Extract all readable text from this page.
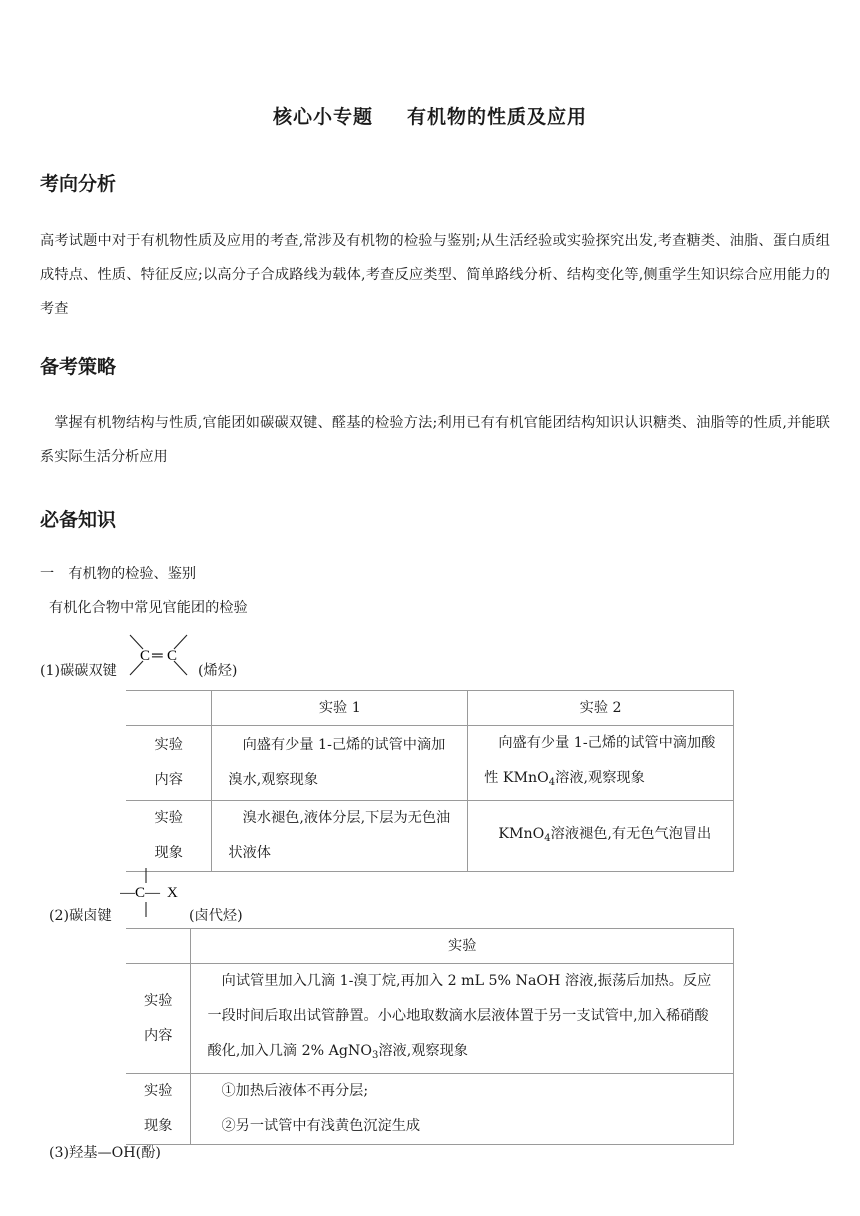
核心小专题 有机物的性质及应用
考向分析
高考试题中对于有机物性质及应用的考查,常涉及有机物的检验与鉴别;从生活经验或实验探究出发,考查糖类、油脂、蛋白质组成特点、性质、特征反应;以高分子合成路线为载体,考查反应类型、简单路线分析、结构变化等,侧重学生知识综合应用能力的考查
备考策略
掌握有机物结构与性质,官能团如碳碳双键、醛基的检验方法;利用已有有机官能团结构知识认识糖类、油脂等的性质,并能联系实际生活分析应用
必备知识
一　有机物的检验、鉴别
有机化合物中常见官能团的检验
(1)碳碳双键
C ═ C
(烯烃)
	实验 1	实验 2
实验
内容	向盛有少量 1-己烯的试管中滴加溴水,观察现象	向盛有少量 1-己烯的试管中滴加酸性 KMnO$_4$溶液,观察现象
实验
现象	溴水褪色,液体分层,下层为无色油状液体	KMnO$_4$溶液褪色,有无色气泡冒出
(2)碳卤键
—C— X
(卤代烃)
	实验
实验
内容	向试管里加入几滴 1-溴丁烷,再加入 2 mL 5% NaOH 溶液,振荡后加热。反应一段时间后取出试管静置。小心地取数滴水层液体置于另一支试管中,加入稀硝酸酸化,加入几滴 2% AgNO$_3$溶液,观察现象
实验
现象	①加热后液体不再分层;
②另一试管中有浅黄色沉淀生成
(3)羟基—OH(酚)
